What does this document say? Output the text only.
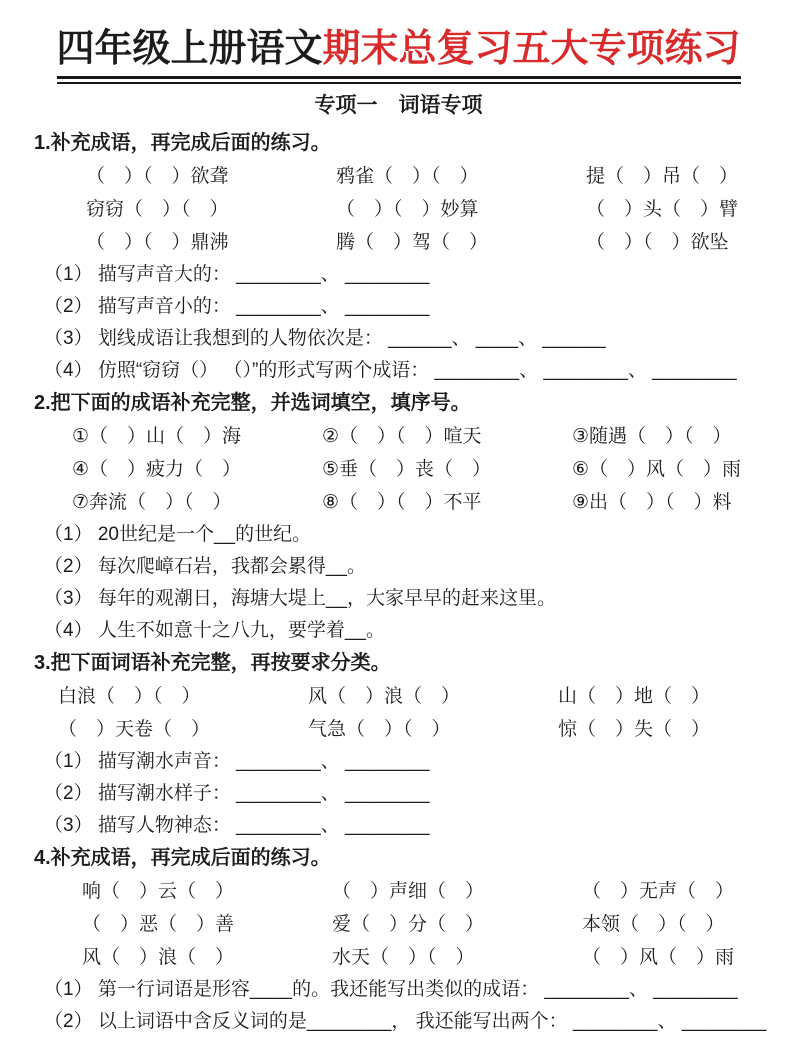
四年级上册语文期末总复习五大专项练习
专项一　词语专项
1.补充成语，再完成后面的练习。
（　）（　）欲聋	鸦雀（　）（　）	提（　）吊（　）
窃窃（　）（　）	（　）（　）妙算	（　）头（　）臂
（　）（　）鼎沸	腾（　）驾（　）	（　）（　）欲坠
（1） 描写声音大的： ________、 ________
（2） 描写声音小的： ________、 ________
（3） 划线成语让我想到的人物依次是： ______、 ____、 ______
（4） 仿照“窃窃（） （）”的形式写两个成语： ________、 ________、 ________
2.把下面的成语补充完整，并选词填空，填序号。
①（　）山（　）海	②（　）（　）喧天	③随遇（　）（　）
④（　）疲力（　）	⑤垂（　）丧（　）	⑥（　）风（　）雨
⑦奔流（　）（　）	⑧（　）（　）不平	⑨出（　）（　）料
（1） 20世纪是一个__的世纪。
（2） 每次爬嶂石岩，我都会累得__。
（3） 每年的观潮日，海塘大堤上__，大家早早的赶来这里。
（4） 人生不如意十之八九，要学着__。
3.把下面词语补充完整，再按要求分类。
白浪（　）（　）	风（　）浪（　）	山（　）地（　）
（　）天卷（　）	气急（　）（　）	惊（　）失（　）
（1） 描写潮水声音： ________、 ________
（2） 描写潮水样子： ________、 ________
（3） 描写人物神态： ________、 ________
4.补充成语，再完成后面的练习。
响（　）云（　）	（　）声细（　）	（　）无声（　）
（　）恶（　）善	爱（　）分（　）	本领（　）（　）
风（　）浪（　）	水天（　）（　）	（　）风（　）雨
（1） 第一行词语是形容____的。我还能写出类似的成语： ________、 ________
（2） 以上词语中含反义词的是________， 我还能写出两个： ________、 ________
